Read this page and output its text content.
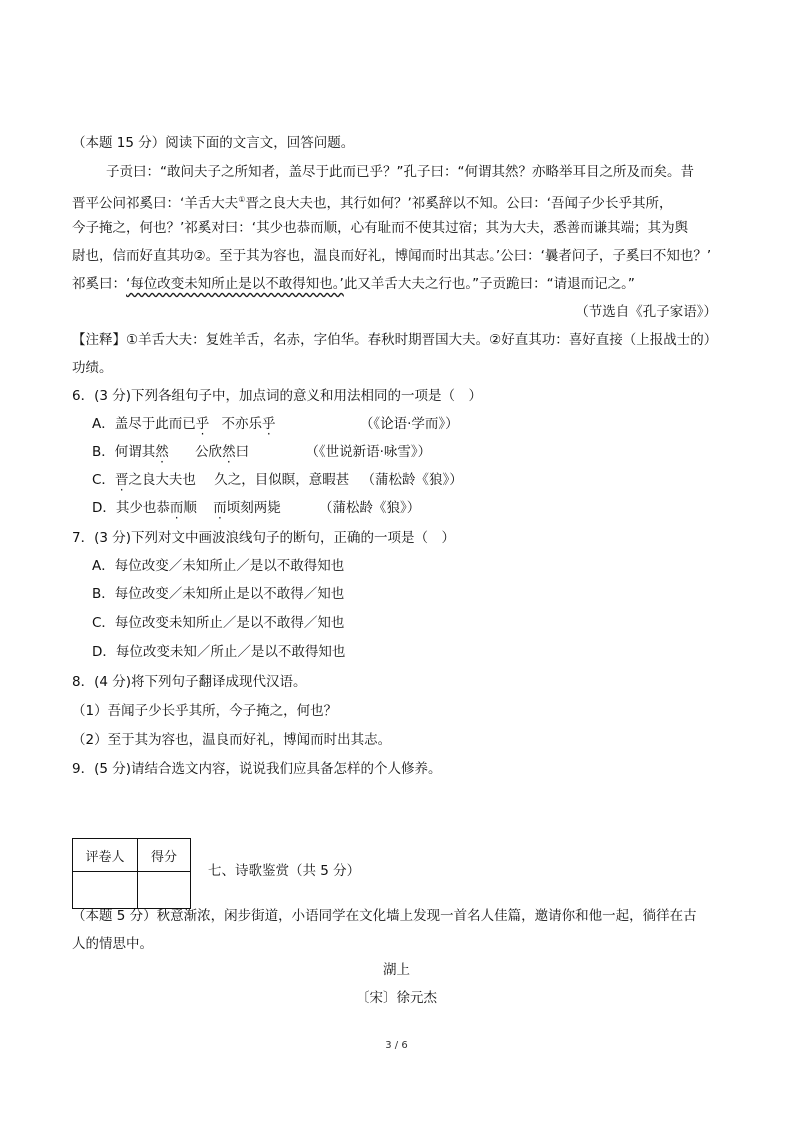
（本题 15 分）阅读下面的文言文，回答问题。
子贡曰：“敢问夫子之所知者，盖尽于此而已乎？”孔子曰：“何谓其然？亦略举耳目之所及而矣。昔
晋平公问祁奚曰：‘羊舌大夫①晋之良大夫也，其行如何？’祁奚辞以不知。公曰：‘吾闻子少长乎其所，
今子掩之，何也？’祁奚对曰：‘其少也恭而顺，心有耻而不使其过宿；其为大夫，悉善而谦其端；其为舆
尉也，信而好直其功②。至于其为容也，温良而好礼，博闻而时出其志。’公曰：‘曩者问子，子奚曰不知也？’
祁奚曰：‘每位改变未知所止是以不敢得知也。’此又羊舌大夫之行也。”子贡跪曰：“请退而记之。”
（节选自《孔子家语》）
【注释】①羊舌大夫：复姓羊舌，名赤，字伯华。春秋时期晋国大夫。②好直其功：喜好直接（上报战士的）
功绩。
6．(3 分)下列各组句子中，加点词的意义和用法相同的一项是（　）
A．盖尽于此而已乎 不亦乐乎	（《论语·学而》）
B．何谓其然 公欣然曰	（《世说新语·咏雪》）
C．晋之良大夫也 久之，目似瞑，意暇甚 （蒲松龄《狼》）
D．其少也恭而顺 而顷刻两毙	（蒲松龄《狼》）
7．(3 分)下列对文中画波浪线句子的断句，正确的一项是（　）
A．每位改变／未知所止／是以不敢得知也
B．每位改变／未知所止是以不敢得／知也
C．每位改变未知所止／是以不敢得／知也
D．每位改变未知／所止／是以不敢得知也
8．(4 分)将下列句子翻译成现代汉语。
（1）吾闻子少长乎其所，今子掩之，何也？
（2）至于其为容也，温良而好礼，博闻而时出其志。
9．(5 分)请结合选文内容，说说我们应具备怎样的个人修养。
评卷人	得分

七、诗歌鉴赏（共 5 分）
（本题 5 分）秋意渐浓，闲步街道，小语同学在文化墙上发现一首名人佳篇，邀请你和他一起，徜徉在古
人的情思中。
湖上
〔宋〕徐元杰
3 / 6
